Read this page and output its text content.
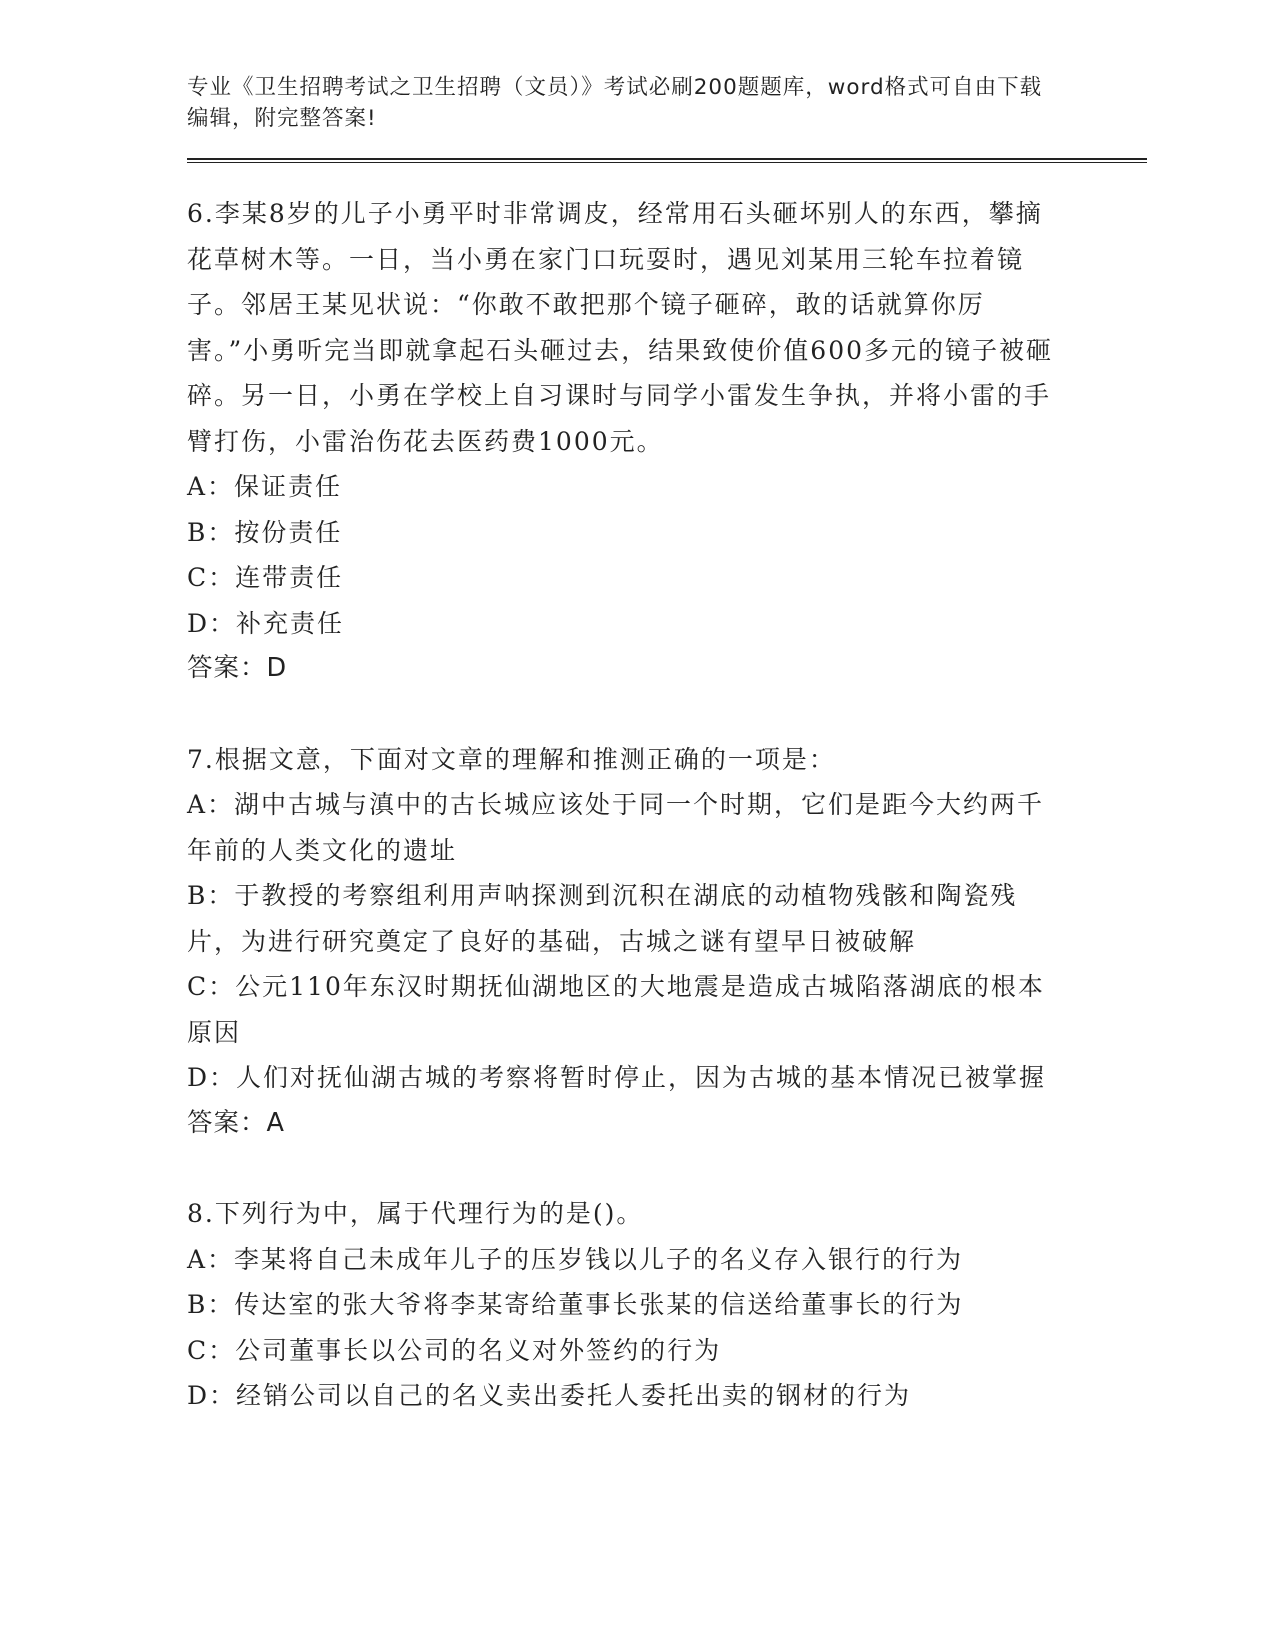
专业《卫生招聘考试之卫生招聘（文员）》考试必刷200题题库，word格式可自由下载编辑，附完整答案!

6.李某8岁的儿子小勇平时非常调皮，经常用石头砸坏别人的东西，攀摘花草树木等。一日，当小勇在家门口玩耍时，遇见刘某用三轮车拉着镜子。邻居王某见状说：“你敢不敢把那个镜子砸碎，敢的话就算你厉害。”小勇听完当即就拿起石头砸过去，结果致使价值600多元的镜子被砸碎。另一日，小勇在学校上自习课时与同学小雷发生争执，并将小雷的手臂打伤，小雷治伤花去医药费1000元。

A：保证责任

B：按份责任

C：连带责任

D：补充责任

答案：D

7.根据文意，下面对文章的理解和推测正确的一项是：

A：湖中古城与滇中的古长城应该处于同一个时期，它们是距今大约两千年前的人类文化的遗址

B：于教授的考察组利用声呐探测到沉积在湖底的动植物残骸和陶瓷残片，为进行研究奠定了良好的基础，古城之谜有望早日被破解

C：公元110年东汉时期抚仙湖地区的大地震是造成古城陷落湖底的根本原因

D：人们对抚仙湖古城的考察将暂时停止，因为古城的基本情况已被掌握

答案：A

8.下列行为中，属于代理行为的是()。

A：李某将自己未成年儿子的压岁钱以儿子的名义存入银行的行为

B：传达室的张大爷将李某寄给董事长张某的信送给董事长的行为

C：公司董事长以公司的名义对外签约的行为

D：经销公司以自己的名义卖出委托人委托出卖的钢材的行为
